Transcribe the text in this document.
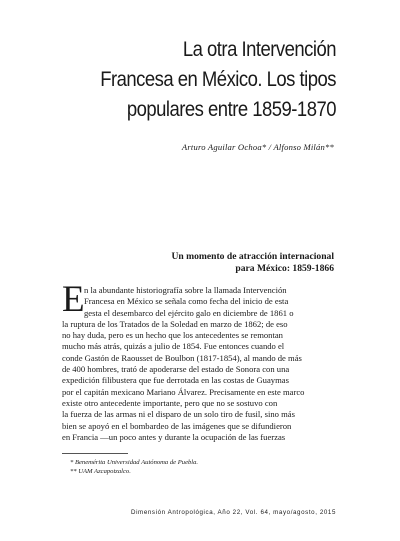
La otra Intervención
Francesa en México. Los tipos
populares entre 1859-1870
Arturo Aguilar Ochoa* / Alfonso Milán**
Un momento de atracción internacional
para México: 1859-1866
E n la abundante historiografía sobre la llamada Intervención
Francesa en México se señala como fecha del inicio de esta
gesta el desembarco del ejército galo en diciembre de 1861 o
la ruptura de los Tratados de la Soledad en marzo de 1862; de eso
no hay duda, pero es un hecho que los antecedentes se remontan
mucho más atrás, quizás a julio de 1854. Fue entonces cuando el
conde Gastón de Raousset de Boulbon (1817-1854), al mando de más
de 400 hombres, trató de apoderarse del estado de Sonora con una
expedición filibustera que fue derrotada en las costas de Guaymas
por el capitán mexicano Mariano Álvarez. Precisamente en este marco
existe otro antecedente importante, pero que no se sostuvo con
la fuerza de las armas ni el disparo de un solo tiro de fusil, sino más
bien se apoyó en el bombardeo de las imágenes que se difundieron
en Francia —un poco antes y durante la ocupación de las fuerzas
* Benemérita Universidad Autónoma de Puebla.
** UAM Azcapotzalco.
Dimensión Antropológica, Año 22, Vol. 64, mayo/agosto, 2015
